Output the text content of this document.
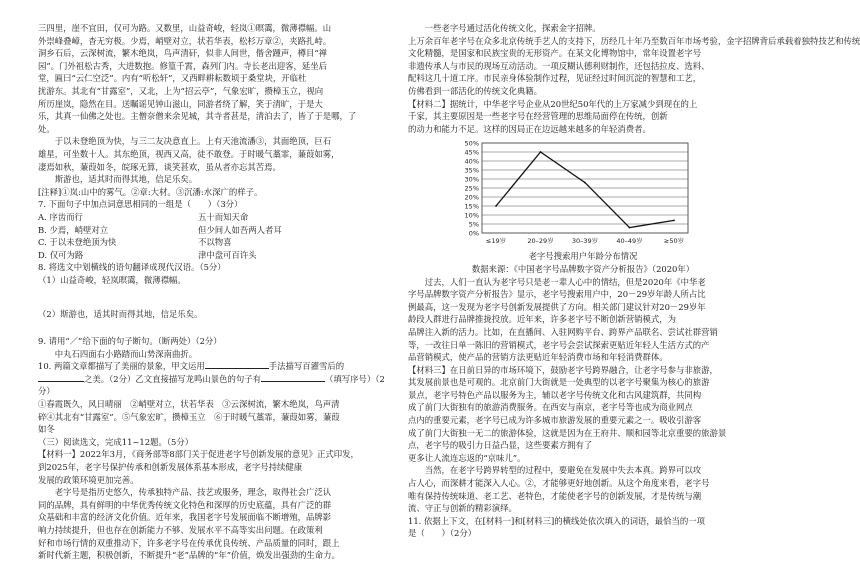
三四里，崖不宜田，仅可为路。又数里，山益奇峻，轻岚①暝霭，微薄襟幅。山

外崇峰叠嶂，杳无穷极。少焉，峭壁对立，状若华表，松杉万章②，夹路扎峙。

洞乡石后，云深树流，繁木绝岚，鸟声清矸，似非人间世，偕舍踵声，樽目“禅

园”。门外祖松古秀，大进数抱。修篁千霄，森列门内。寺长老出迎客，延坐后

堂，匾曰“云仁空泛”。内有“听松轩”，又西畔耕耘数顷于桑堂块，开临杜

扰游东。其北有“甘露室”，又北，上为“招云亭”，气象宏旷，攒樟玉立，视向

所历崖岚，隐然在目。送瞩谣见钟山滋山，同游者绕了解，笑于清旷，于是大

乐，其真一仙佛之处也。主僧奈僧来余见城，其寺者甚是，清泊去了，皆了于是哪，了

处。

于以未登绝顶为快，与三二友决意直上。上有天池流潘③，其面绝顶，巨石

雄星，可坐数十人。其东绝顶，视西又高，徒不敢登。于时暖气藁霏，蒹葭如雾，

凄焉如秋，蒹葭如冬，皖琢无算，谈笑甚欢，虽从者亦忘其苦焉。

斯游也，适其时而得其地，信足乐矣。

[注释]①岚:山中的雾气。②章:大材。③沉潘:水深广的样子。

7. 下面句子中加点词意思相同的一组是（　　）（3分）

A. 序齿而行	五十而知天命
B. 少焉，峭壁对立	但少间人如吾两人者耳
C. 于以未登绝顶为快	不以物喜
D. 仅可为路	津中盘可百许头

8. 将选文中划横线的语句翻译成现代汉语。（5分）

（1）山益奇峻，轻岚暝霭，微薄襟幅。

（2）斯游也，适其时而得其地，信足乐矣。

9. 请用“／”给下面的句子断句。（断两处）（2分）

中丸石四面右小路踏而山势深南曲折。

10. 两篇文章都描写了美丽的景象，甲文运用	手法描写百濯雪后的

之美。（2分）乙文直接描写龙鸣山景色的句子有	（填写序号）（2分）

①春霞既久，风日晴丽　②峭壁对立，状若华表　③云深树流，繁木绝岚，鸟声清

碎④其北有“甘露室”。⑤气象宏旷，攒樟玉立　⑥于时暖气藁霏，蒹葭如雾，蒹葭

如冬

（三）阅读选文，完成11~12题。（5分）

【材料一】2022年3月，《商务部等8部门关于促进老字号创新发展的意见》正式印发，

到2025年，老字号保护传承和创新发展体系基本形成，老字号持续健康

发展的政策环境更加完善。

老字号是指历史悠久，传承独特产品、技艺或服务，理念，取得社会广泛认

同的品牌，具有鲜明的中华优秀传统文化特色和深厚的历史底蕴，具有广泛的群

众基础和丰富的经济文化价值。近年来，我国老字号发展面临不断增殖，品牌影

响力持续提升，但也存在创新能力不够、发展水平不高等实出问题。在政策利

好和市场行情的双重推动下，许多老字号在传承优良传统、产品质量的同时，跟上

新时代新主题，积极创新，不断提升“老”品牌的“年”价值，焕发出强劲的生命力。

一些老字号通过活化传统文化，探索金字招牌。

上万余百年老字号在众多北京传统手艺人的支持下，历经几十年乃至数百年市场考验，金字招牌背后承载着独特技艺和传统

文化精髓，是国家和民族宝贵的无形资产。在某文化博物馆中，常年设置老字号

非遗传承人与市民的现场互动活动。一项反糊认德利财制作，还包括拉皮、选料、

配料这几十道工序。市民亲身体验制作过程，见证经过时间沉淀的智慧和工艺，

仿佛看到一部活化的传统文化典籍。

【材料二】据统计，中华老字号企业从20世纪50年代的上万家减少到现在的上

千家，其主要原因是一些老字号在经营管理的思维局面停在传统，创新

的动力和能力不足。这样的因局正在边远越来越多的年轻消费者。

0%
5%
10%
15%
20%
25%
30%
35%
40%
45%
50%
≤19岁	20–29岁	30–39岁	40–49岁	≥50岁

老字号搜索用户年龄分布情况

数据来源：《中国老字号品牌数字资产分析报告》（2020年）

过去，人们一直认为老字号只是老一辈人心中的情结，但是2020年《中华老

字号品牌数字资产分析报告》显示，老字号搜索用户中，20－29岁年龄人所占比

例最高，这一发现为老字号创新发展提供了方向。相关部门建议针对20－29岁年

龄段人群进行品牌推拢投放。近年来，许多老字号不断创新营销模式，为

品牌注入新的活力。比如，在直播间、入驻网购平台、跨界产品联名、尝试社群营销

等，一改往日单一陈旧的营销模式，老字号会尝试探索更贴近年轻人生活方式的产

品营销模式，使产品的营销方法更贴近年轻消费市场和年轻消费群体。

【材料三】在日前日异的市场环境下，鼓励老字号跨界融合，让老字号参与非旅游，

其发展前景也是可观的。北京前门大街就是一处典型的以老字号聚集为核心的旅游

景点，老字号特色产品以服务为主，辅以老字号传统文化和古风建筑群，共同构

成了前门大街独有的旅游消费服务。在西安与南京，老字号等也成为商业网点

点内的重要元素，老字号已成为许多城市旅游发展的重要元素之一。吸收引游客

成了前门大街独一无二的旅游体验，这就是因为在王府井、顺和园等北京重要的旅游景

点，老字号的吸引力日益凸显，这些要素方拥有了

更多让人流连忘返的“京味儿”。

当然，在老字号跨界转型的过程中，要避免在发展中失去本真。跨界可以攻

占人心，而深耕才能深入人心。②，才能够更好地创新。从这个角度来看，老字号

唯有保持传统味道、老工艺、老特色，才能使老字号的创新发展，才是传统与潮

流、守正与创新的精彩演绎。

11. 依据上下文，在[材料一]和[材料三]的横线处依次填入的词语，最恰当的一项

是（　　）（2分）
